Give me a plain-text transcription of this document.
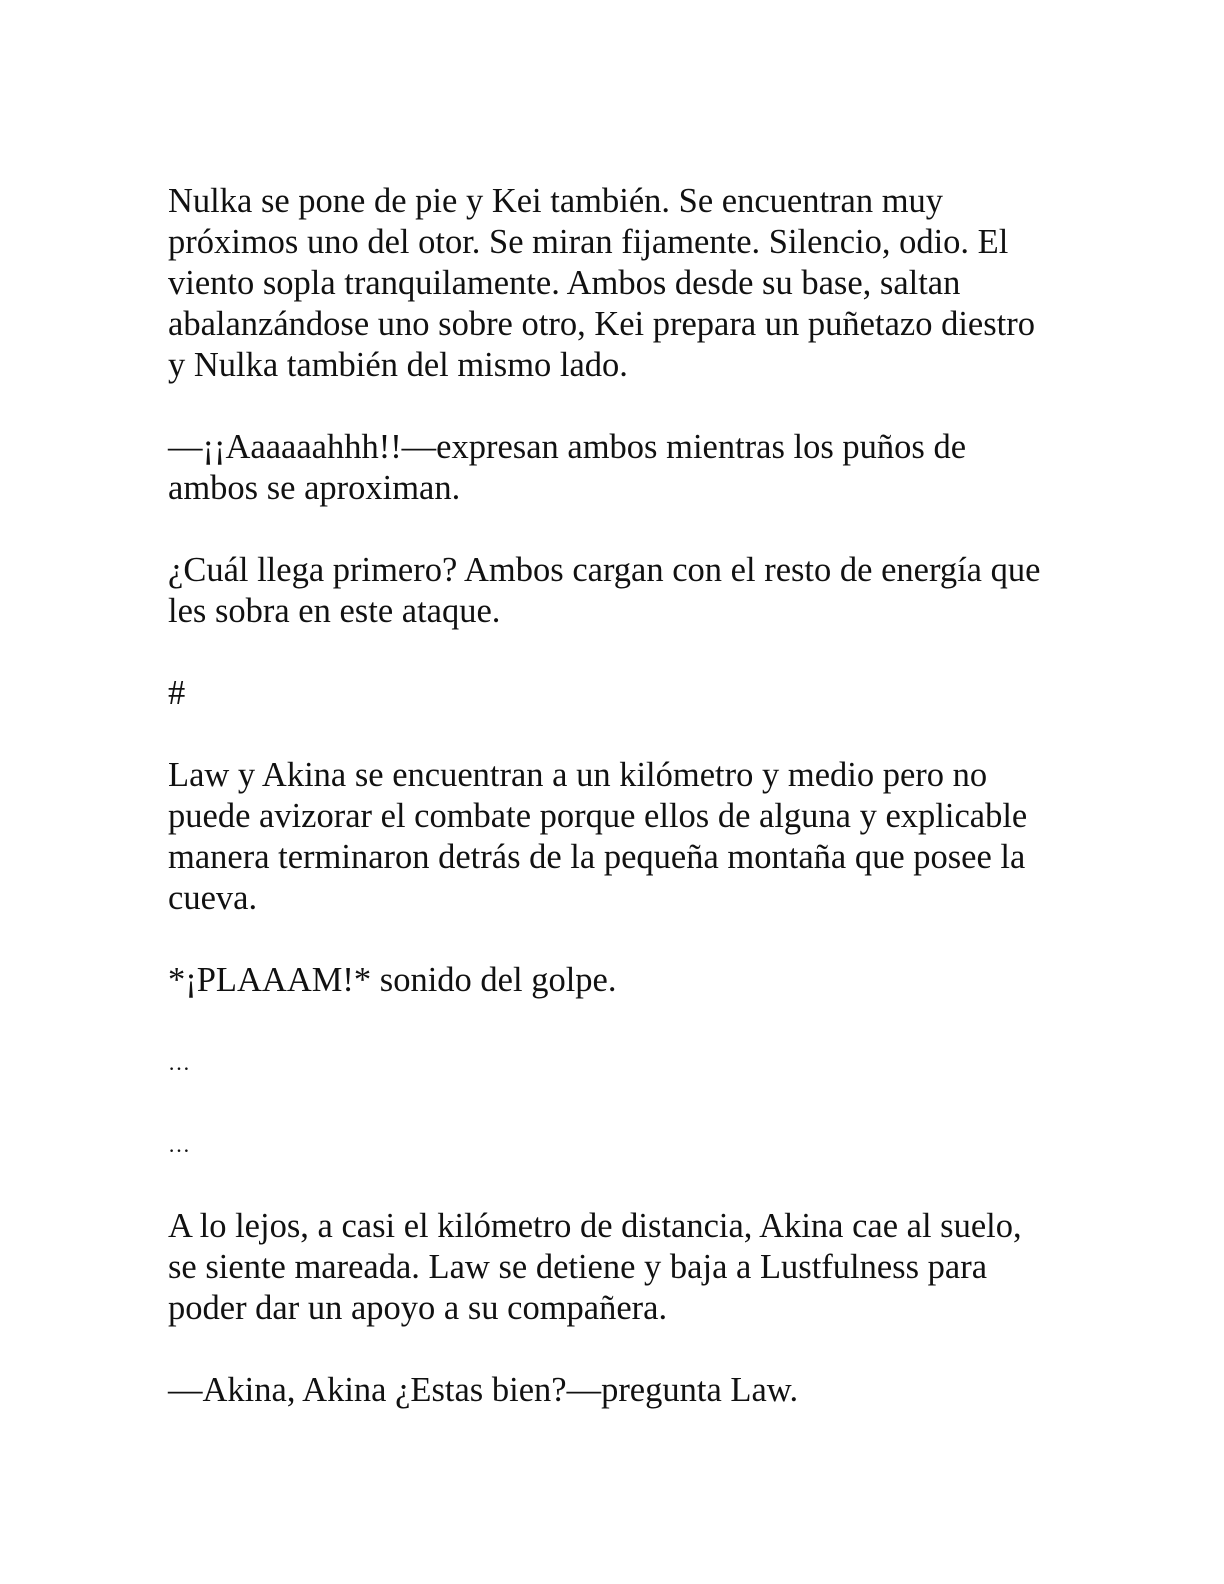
Nulka se pone de pie y Kei también. Se encuentran muy próximos uno del otor. Se miran fijamente. Silencio, odio. El viento sopla tranquilamente. Ambos desde su base, saltan abalanzándose uno sobre otro, Kei prepara un puñetazo diestro y Nulka también del mismo lado.

—¡¡Aaaaaahhh!!—expresan ambos mientras los puños de ambos se aproximan.

¿Cuál llega primero? Ambos cargan con el resto de energía que les sobra en este ataque.

#

Law y Akina se encuentran a un kilómetro y medio pero no puede avizorar el combate porque ellos de alguna y explicable manera terminaron detrás de la pequeña montaña que posee la cueva.

*¡PLAAAM!* sonido del golpe.

…

…

A lo lejos, a casi el kilómetro de distancia, Akina cae al suelo, se siente mareada. Law se detiene y baja a Lustfulness para poder dar un apoyo a su compañera.

—Akina, Akina ¿Estas bien?—pregunta Law.
